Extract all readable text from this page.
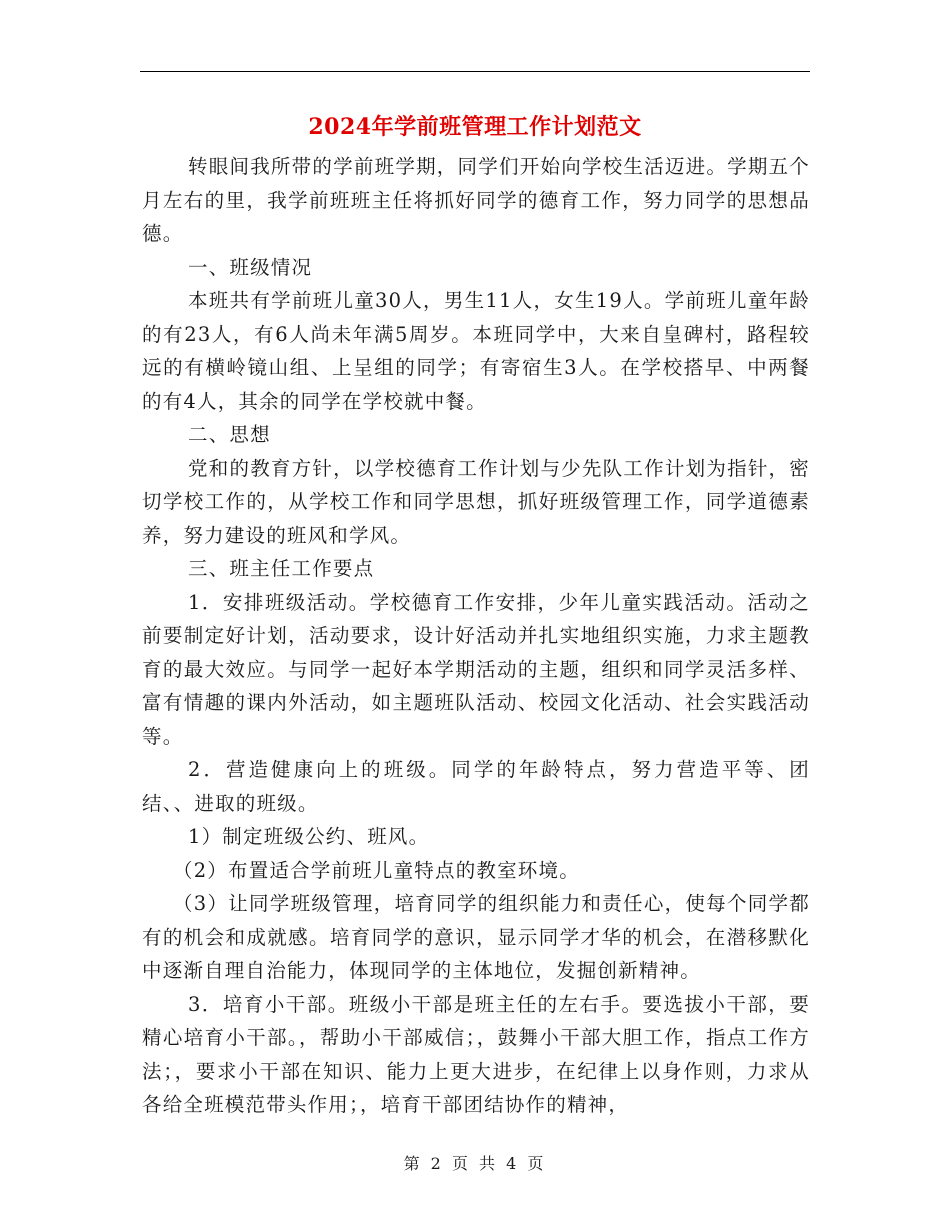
2024年学前班管理工作计划范文

转眼间我所带的学前班学期，同学们开始向学校生活迈进。学期五个月左右的里，我学前班班主任将抓好同学的德育工作，努力同学的思想品德。

一、班级情况

本班共有学前班儿童30人，男生11人，女生19人。学前班儿童年龄的有23人，有6人尚未年满5周岁。本班同学中，大来自皇碑村，路程较远的有横岭镜山组、上呈组的同学；有寄宿生3人。在学校搭早、中两餐的有4人，其余的同学在学校就中餐。

二、思想

党和的教育方针，以学校德育工作计划与少先队工作计划为指针，密切学校工作的，从学校工作和同学思想，抓好班级管理工作，同学道德素养，努力建设的班风和学风。

三、班主任工作要点

1．安排班级活动。学校德育工作安排，少年儿童实践活动。活动之前要制定好计划，活动要求，设计好活动并扎实地组织实施，力求主题教育的最大效应。与同学一起好本学期活动的主题，组织和同学灵活多样、富有情趣的课内外活动，如主题班队活动、校园文化活动、社会实践活动等。

2．营造健康向上的班级。同学的年龄特点，努力营造平等、团结、、进取的班级。

1）制定班级公约、班风。

（2）布置适合学前班儿童特点的教室环境。

（3）让同学班级管理，培育同学的组织能力和责任心，使每个同学都有的机会和成就感。培育同学的意识，显示同学才华的机会，在潜移默化中逐渐自理自治能力，体现同学的主体地位，发掘创新精神。

3．培育小干部。班级小干部是班主任的左右手。要选拔小干部，要精心培育小干部。，帮助小干部威信；，鼓舞小干部大胆工作，指点工作方法；，要求小干部在知识、能力上更大进步，在纪律上以身作则，力求从各给全班模范带头作用；，培育干部团结协作的精神，

第 2 页 共 4 页
